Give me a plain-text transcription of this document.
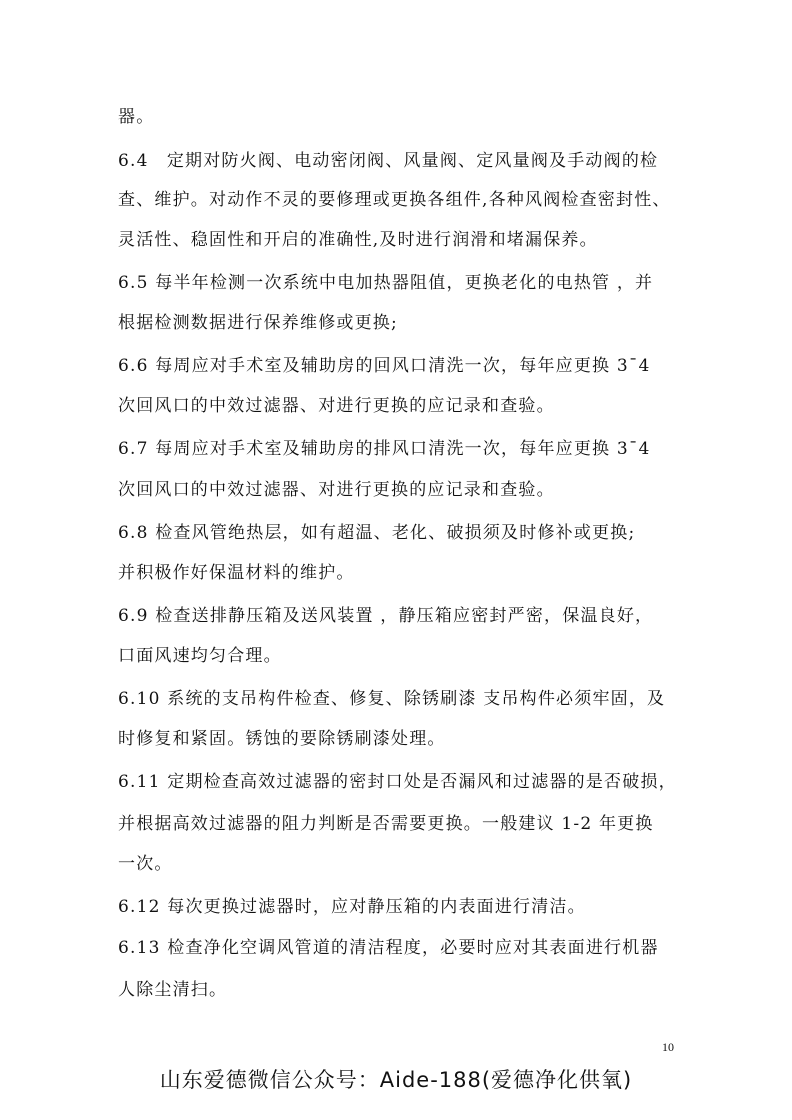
器。
6.4　定期对防火阀、电动密闭阀、风量阀、定风量阀及手动阀的检
查、维护。对动作不灵的要修理或更换各组件,各种风阀检查密封性、
灵活性、稳固性和开启的准确性,及时进行润滑和堵漏保养。
6.5 每半年检测一次系统中电加热器阻值，更换老化的电热管 ，并
根据检测数据进行保养维修或更换;
6.6 每周应对手术室及辅助房的回风口清洗一次，每年应更换 3¯4
次回风口的中效过滤器、对进行更换的应记录和查验。
6.7 每周应对手术室及辅助房的排风口清洗一次，每年应更换 3¯4
次回风口的中效过滤器、对进行更换的应记录和查验。
6.8 检查风管绝热层，如有超温、老化、破损须及时修补或更换;
并积极作好保温材料的维护。
6.9 检查送排静压箱及送风装置 ，静压箱应密封严密，保温良好，
口面风速均匀合理。
6.10 系统的支吊构件检查、修复、除锈刷漆 支吊构件必须牢固，及
时修复和紧固。锈蚀的要除锈刷漆处理。
6.11 定期检查高效过滤器的密封口处是否漏风和过滤器的是否破损，
并根据高效过滤器的阻力判断是否需要更换。一般建议 1-2 年更换
一次。
6.12 每次更换过滤器时，应对静压箱的内表面进行清洁。
6.13 检查净化空调风管道的清洁程度，必要时应对其表面进行机器
人除尘清扫。
10
山东爱德微信公众号：Aide-188(爱德净化供氧)
